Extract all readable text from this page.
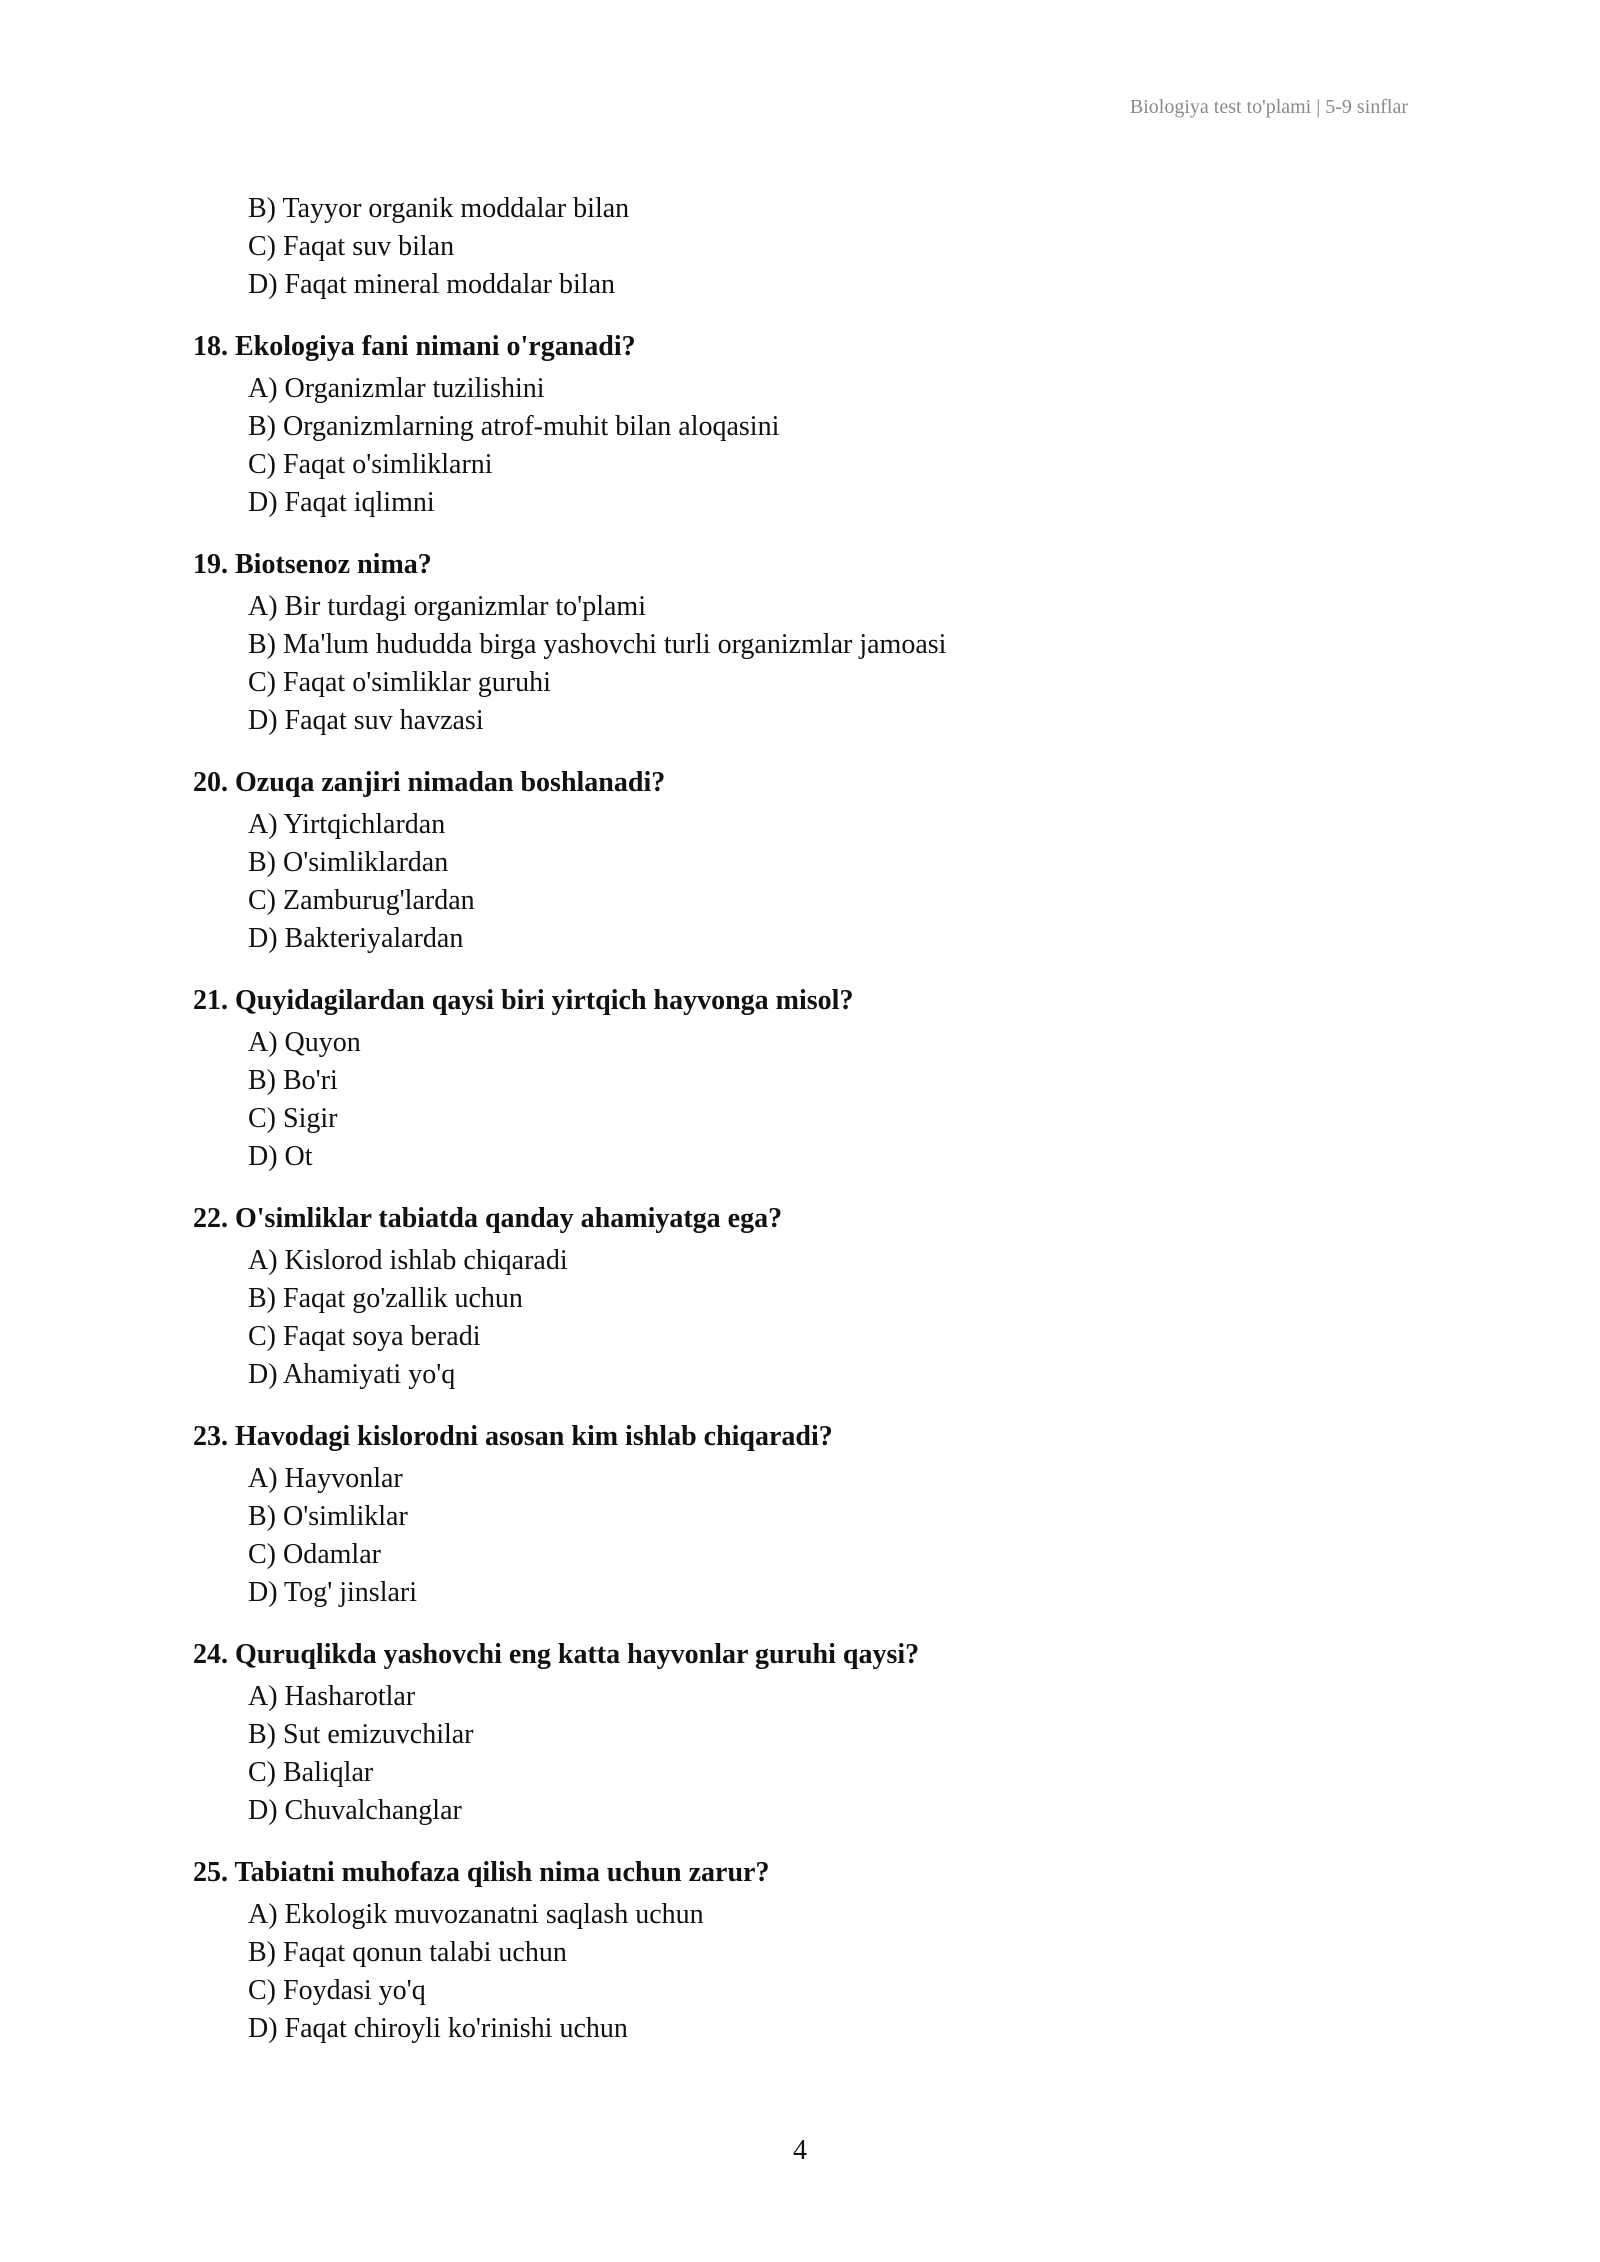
Biologiya test to'plami | 5-9 sinflar
B) Tayyor organik moddalar bilan
C) Faqat suv bilan
D) Faqat mineral moddalar bilan
18. Ekologiya fani nimani o'rganadi?
A) Organizmlar tuzilishini
B) Organizmlarning atrof-muhit bilan aloqasini
C) Faqat o'simliklarni
D) Faqat iqlimni
19. Biotsenoz nima?
A) Bir turdagi organizmlar to'plami
B) Ma'lum hududda birga yashovchi turli organizmlar jamoasi
C) Faqat o'simliklar guruhi
D) Faqat suv havzasi
20. Ozuqa zanjiri nimadan boshlanadi?
A) Yirtqichlardan
B) O'simliklardan
C) Zamburug'lardan
D) Bakteriyalardan
21. Quyidagilardan qaysi biri yirtqich hayvonga misol?
A) Quyon
B) Bo'ri
C) Sigir
D) Ot
22. O'simliklar tabiatda qanday ahamiyatga ega?
A) Kislorod ishlab chiqaradi
B) Faqat go'zallik uchun
C) Faqat soya beradi
D) Ahamiyati yo'q
23. Havodagi kislorodni asosan kim ishlab chiqaradi?
A) Hayvonlar
B) O'simliklar
C) Odamlar
D) Tog' jinslari
24. Quruqlikda yashovchi eng katta hayvonlar guruhi qaysi?
A) Hasharotlar
B) Sut emizuvchilar
C) Baliqlar
D) Chuvalchanglar
25. Tabiatni muhofaza qilish nima uchun zarur?
A) Ekologik muvozanatni saqlash uchun
B) Faqat qonun talabi uchun
C) Foydasi yo'q
D) Faqat chiroyli ko'rinishi uchun
4
